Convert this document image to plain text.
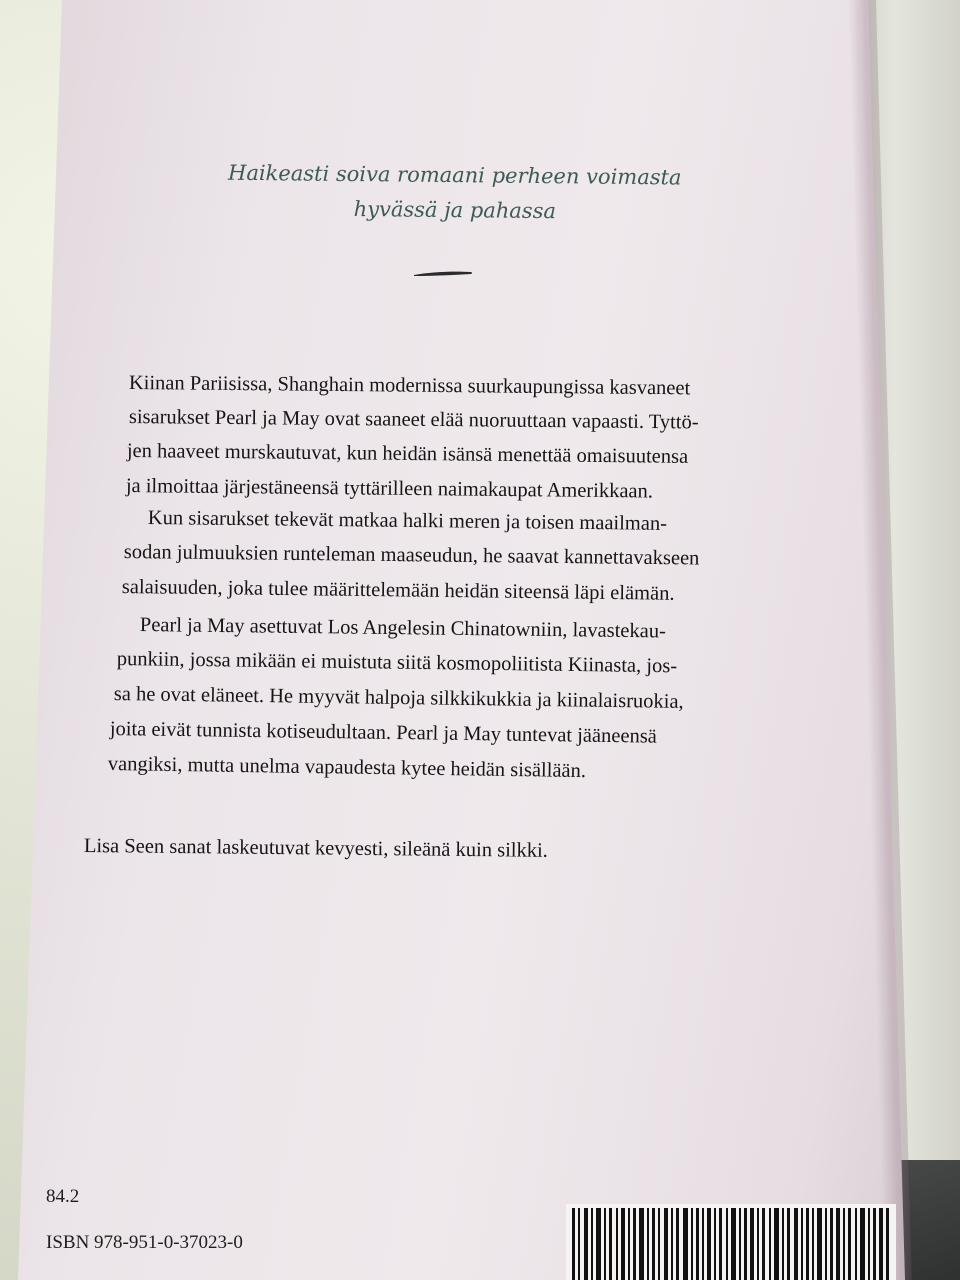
Haikeasti soiva romaani perheen voimasta
hyvässä ja pahassa
Kiinan Pariisissa, Shanghain modernissa suurkaupungissa kasvaneet
sisarukset Pearl ja May ovat saaneet elää nuoruuttaan vapaasti. Tyttö-
jen haaveet murskautuvat, kun heidän isänsä menettää omaisuutensa
ja ilmoittaa järjestäneensä tyttärilleen naimakaupat Amerikkaan.
Kun sisarukset tekevät matkaa halki meren ja toisen maailman-
sodan julmuuksien runteleman maaseudun, he saavat kannettavakseen
salaisuuden, joka tulee määrittelemään heidän siteensä läpi elämän.
Pearl ja May asettuvat Los Angelesin Chinatowniin, lavastekau-
punkiin, jossa mikään ei muistuta siitä kosmopoliitista Kiinasta, jos-
sa he ovat eläneet. He myyvät halpoja silkkikukkia ja kiinalaisruokia,
joita eivät tunnista kotiseudultaan. Pearl ja May tuntevat jääneensä
vangiksi, mutta unelma vapaudesta kytee heidän sisällään.
Lisa Seen sanat laskeutuvat kevyesti, sileänä kuin silkki.
84.2
ISBN 978-951-0-37023-0
